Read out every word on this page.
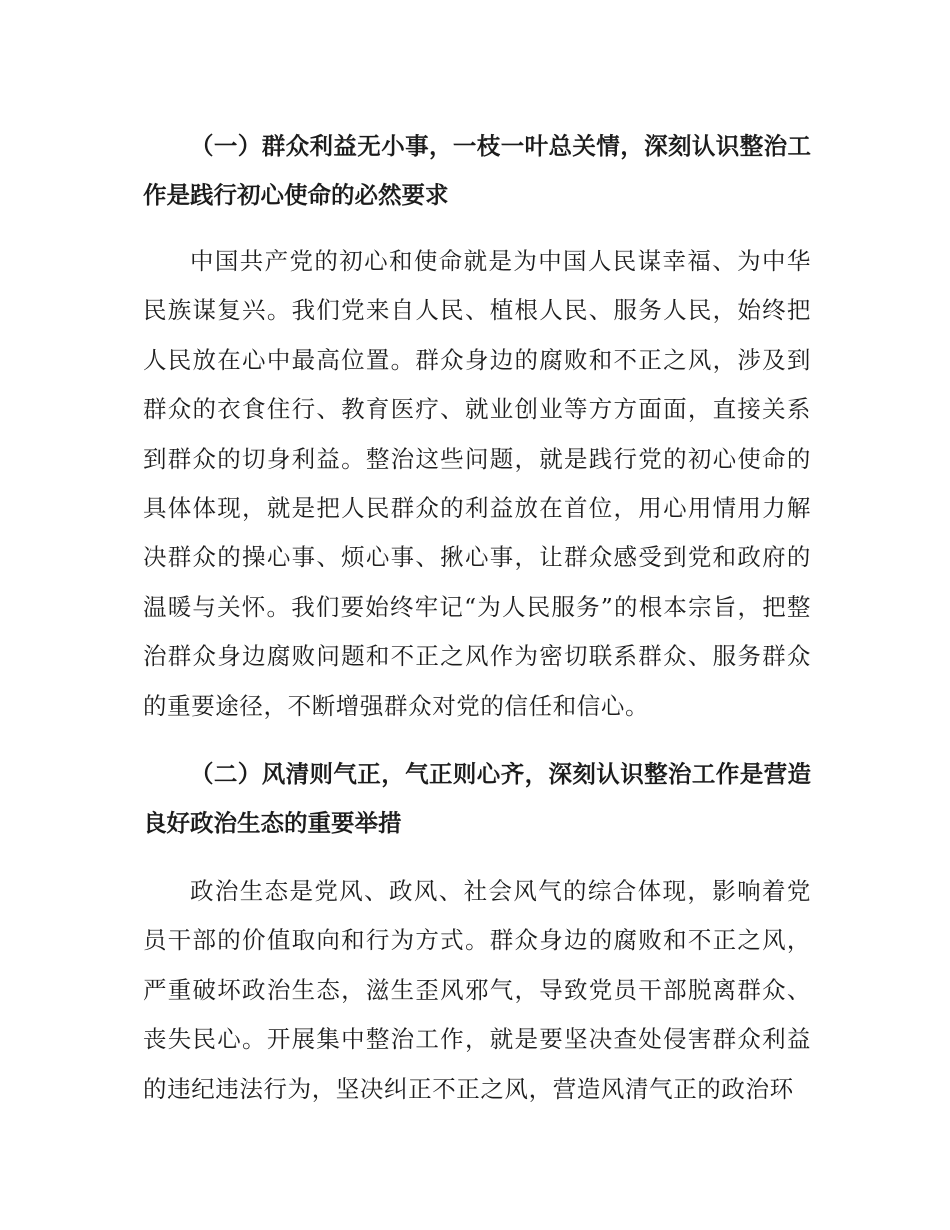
（一）群众利益无小事，一枝一叶总关情，深刻认识整治工作是践行初心使命的必然要求

中国共产党的初心和使命就是为中国人民谋幸福、为中华民族谋复兴。我们党来自人民、植根人民、服务人民，始终把人民放在心中最高位置。群众身边的腐败和不正之风，涉及到群众的衣食住行、教育医疗、就业创业等方方面面，直接关系到群众的切身利益。整治这些问题，就是践行党的初心使命的具体体现，就是把人民群众的利益放在首位，用心用情用力解决群众的操心事、烦心事、揪心事，让群众感受到党和政府的温暖与关怀。我们要始终牢记“为人民服务”的根本宗旨，把整治群众身边腐败问题和不正之风作为密切联系群众、服务群众的重要途径，不断增强群众对党的信任和信心。

（二）风清则气正，气正则心齐，深刻认识整治工作是营造良好政治生态的重要举措

政治生态是党风、政风、社会风气的综合体现，影响着党员干部的价值取向和行为方式。群众身边的腐败和不正之风，严重破坏政治生态，滋生歪风邪气，导致党员干部脱离群众、丧失民心。开展集中整治工作，就是要坚决查处侵害群众利益的违纪违法行为，坚决纠正不正之风，营造风清气正的政治环
